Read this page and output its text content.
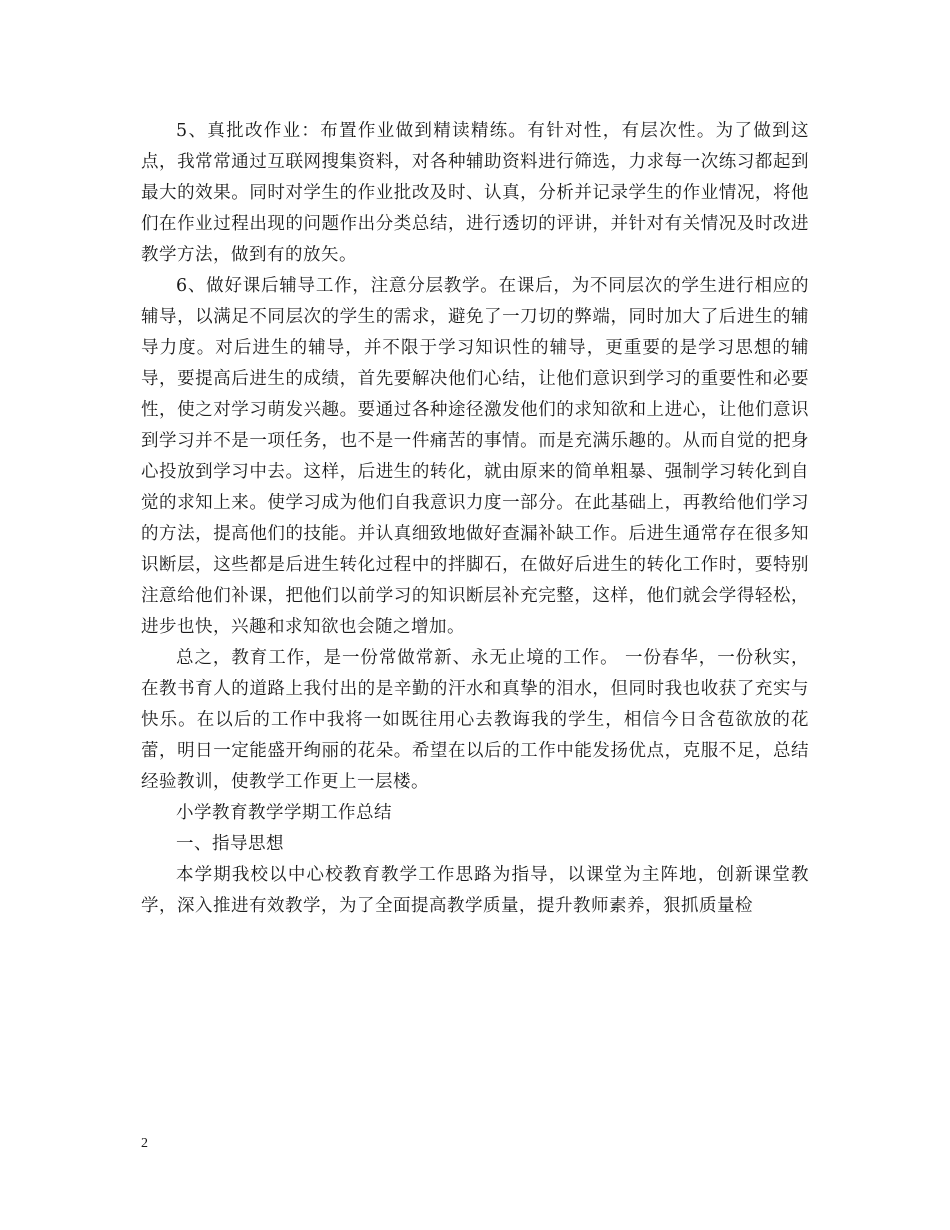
5、真批改作业：布置作业做到精读精练。有针对性，有层次性。为了做到这点，我常常通过互联网搜集资料，对各种辅助资料进行筛选，力求每一次练习都起到最大的效果。同时对学生的作业批改及时、认真，分析并记录学生的作业情况，将他们在作业过程出现的问题作出分类总结，进行透切的评讲，并针对有关情况及时改进教学方法，做到有的放矢。

6、做好课后辅导工作，注意分层教学。在课后，为不同层次的学生进行相应的辅导，以满足不同层次的学生的需求，避免了一刀切的弊端，同时加大了后进生的辅导力度。对后进生的辅导，并不限于学习知识性的辅导，更重要的是学习思想的辅导，要提高后进生的成绩，首先要解决他们心结，让他们意识到学习的重要性和必要性，使之对学习萌发兴趣。要通过各种途径激发他们的求知欲和上进心，让他们意识到学习并不是一项任务，也不是一件痛苦的事情。而是充满乐趣的。从而自觉的把身心投放到学习中去。这样，后进生的转化，就由原来的简单粗暴、强制学习转化到自觉的求知上来。使学习成为他们自我意识力度一部分。在此基础上，再教给他们学习的方法，提高他们的技能。并认真细致地做好查漏补缺工作。后进生通常存在很多知识断层，这些都是后进生转化过程中的拌脚石，在做好后进生的转化工作时，要特别注意给他们补课，把他们以前学习的知识断层补充完整，这样，他们就会学得轻松，进步也快，兴趣和求知欲也会随之增加。

总之，教育工作，是一份常做常新、永无止境的工作。 一份春华，一份秋实，在教书育人的道路上我付出的是辛勤的汗水和真挚的泪水，但同时我也收获了充实与快乐。在以后的工作中我将一如既往用心去教诲我的学生，相信今日含苞欲放的花蕾，明日一定能盛开绚丽的花朵。希望在以后的工作中能发扬优点，克服不足，总结经验教训，使教学工作更上一层楼。

小学教育教学学期工作总结

一、指导思想

本学期我校以中心校教育教学工作思路为指导，以课堂为主阵地，创新课堂教学，深入推进有效教学，为了全面提高教学质量，提升教师素养，狠抓质量检

2
